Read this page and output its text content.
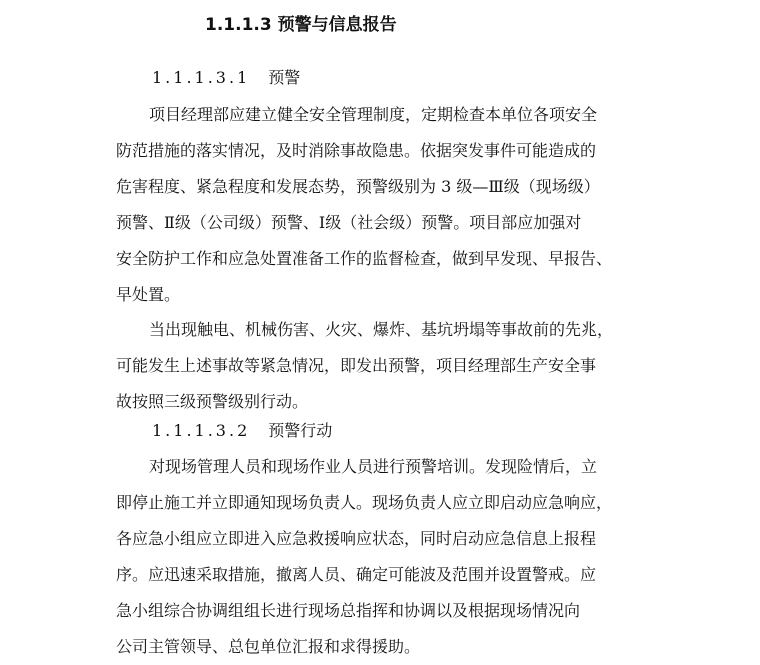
1.1.1.3 预警与信息报告
1.1.1.3.1 预警
项目经理部应建立健全安全管理制度，定期检查本单位各项安全
防范措施的落实情况，及时消除事故隐患。依据突发事件可能造成的
危害程度、紧急程度和发展态势，预警级别为 3 级—Ⅲ级（现场级）
预警、Ⅱ级（公司级）预警、Ⅰ级（社会级）预警。项目部应加强对
安全防护工作和应急处置准备工作的监督检查，做到早发现、早报告、
早处置。
当出现触电、机械伤害、火灾、爆炸、基坑坍塌等事故前的先兆，
可能发生上述事故等紧急情况，即发出预警，项目经理部生产安全事
故按照三级预警级别行动。
1.1.1.3.2 预警行动
对现场管理人员和现场作业人员进行预警培训。发现险情后，立
即停止施工并立即通知现场负责人。现场负责人应立即启动应急响应，
各应急小组应立即进入应急救援响应状态，同时启动应急信息上报程
序。应迅速采取措施，撤离人员、确定可能波及范围并设置警戒。应
急小组综合协调组组长进行现场总指挥和协调以及根据现场情况向
公司主管领导、总包单位汇报和求得援助。
